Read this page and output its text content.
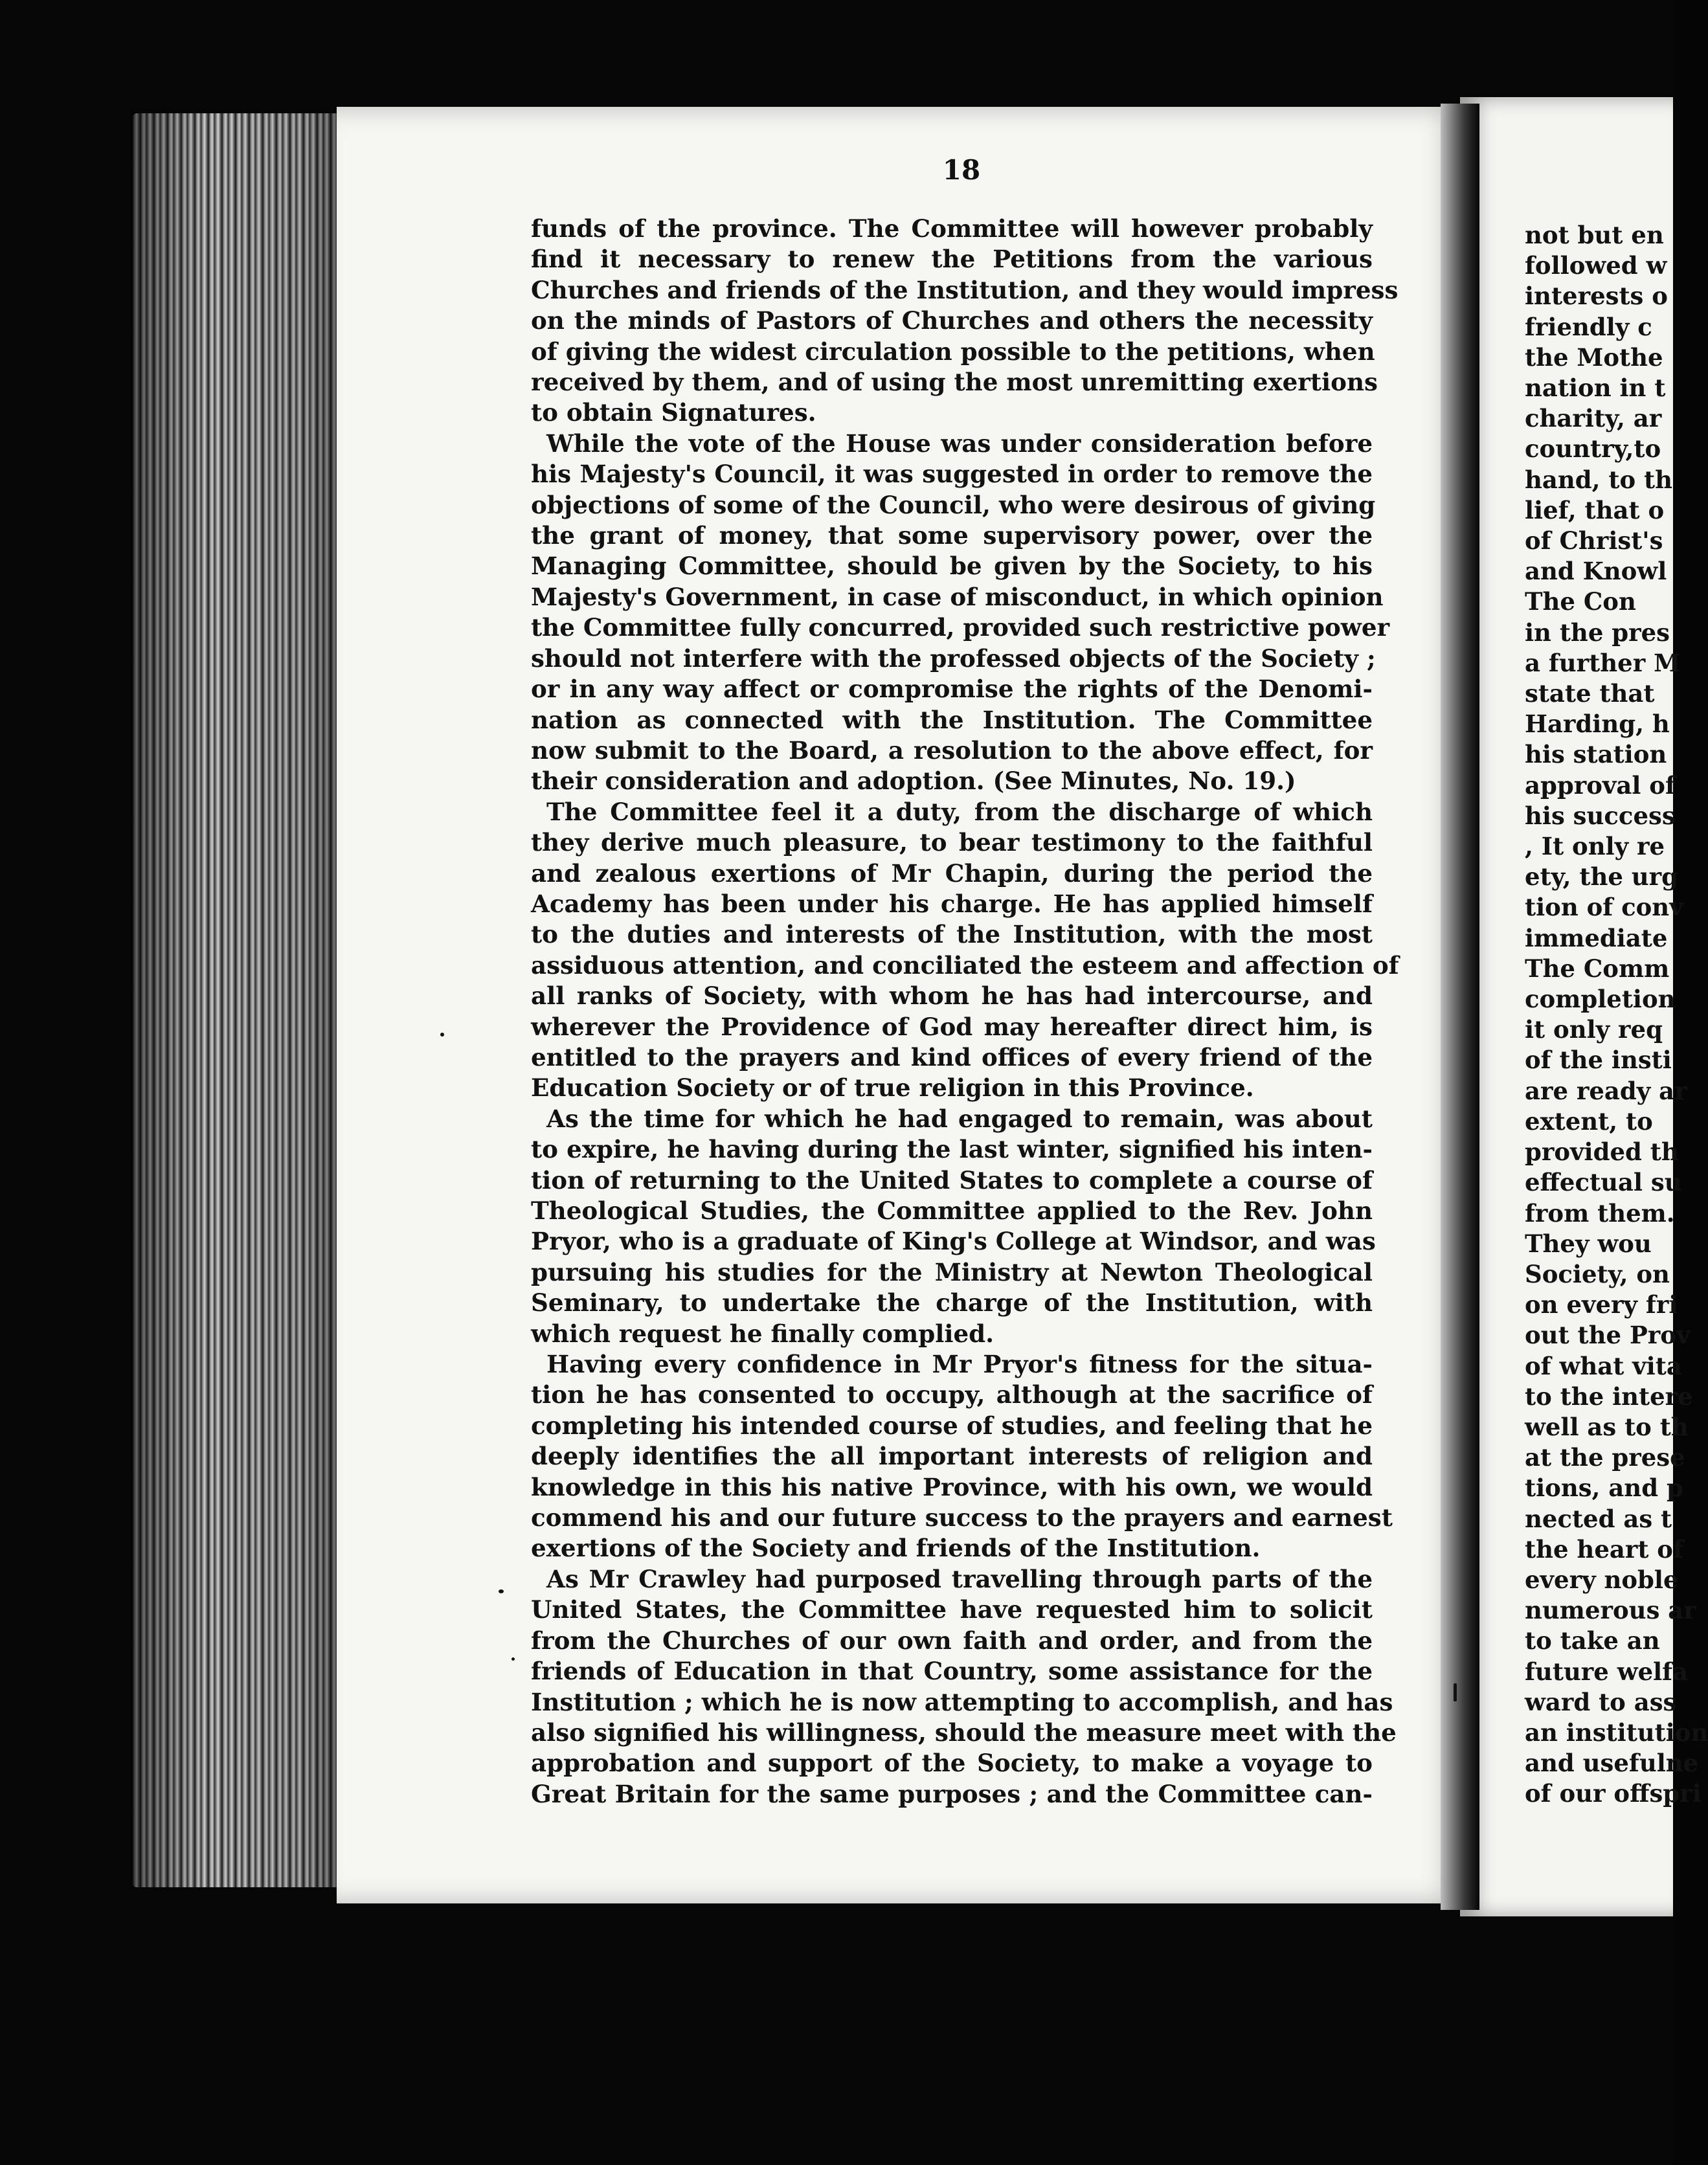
18
funds of the province. The Committee will however probably
find it necessary to renew the Petitions from the various
Churches and friends of the Institution, and they would impress
on the minds of Pastors of Churches and others the necessity
of giving the widest circulation possible to the petitions, when
received by them, and of using the most unremitting exertions
to obtain Signatures.
While the vote of the House was under consideration before
his Majesty's Council, it was suggested in order to remove the
objections of some of the Council, who were desirous of giving
the grant of money, that some supervisory power, over the
Managing Committee, should be given by the Society, to his
Majesty's Government, in case of misconduct, in which opinion
the Committee fully concurred, provided such restrictive power
should not interfere with the professed objects of the Society ;
or in any way affect or compromise the rights of the Denomi-
nation as connected with the Institution. The Committee
now submit to the Board, a resolution to the above effect, for
their consideration and adoption. (See Minutes, No. 19.)
The Committee feel it a duty, from the discharge of which
they derive much pleasure, to bear testimony to the faithful
and zealous exertions of Mr Chapin, during the period the
Academy has been under his charge. He has applied himself
to the duties and interests of the Institution, with the most
assiduous attention, and conciliated the esteem and affection of
all ranks of Society, with whom he has had intercourse, and
wherever the Providence of God may hereafter direct him, is
entitled to the prayers and kind offices of every friend of the
Education Society or of true religion in this Province.
As the time for which he had engaged to remain, was about
to expire, he having during the last winter, signified his inten-
tion of returning to the United States to complete a course of
Theological Studies, the Committee applied to the Rev. John
Pryor, who is a graduate of King's College at Windsor, and was
pursuing his studies for the Ministry at Newton Theological
Seminary, to undertake the charge of the Institution, with
which request he finally complied.
Having every confidence in Mr Pryor's fitness for the situa-
tion he has consented to occupy, although at the sacrifice of
completing his intended course of studies, and feeling that he
deeply identifies the all important interests of religion and
knowledge in this his native Province, with his own, we would
commend his and our future success to the prayers and earnest
exertions of the Society and friends of the Institution.
As Mr Crawley had purposed travelling through parts of the
United States, the Committee have requested him to solicit
from the Churches of our own faith and order, and from the
friends of Education in that Country, some assistance for the
Institution ; which he is now attempting to accomplish, and has
also signified his willingness, should the measure meet with the
approbation and support of the Society, to make a voyage to
Great Britain for the same purposes ; and the Committee can-
not but en
followed w
interests o
friendly c
the Mothe
nation in t
charity, ar
country,to
hand, to th
lief, that o
of Christ's
and Knowl
The Con
in the pres
a further M
state that
Harding, h
his station
approval of
his success
, It only re
ety, the urg
tion of conv
immediate
The Comm
completion
it only req
of the insti
are ready ar
extent, to
provided th
effectual su
from them.
They wou
Society, on
on every fri
out the Prov
of what vita
to the intere
well as to th
at the prese
tions, and p
nected as t
the heart of
every noble
numerous ar
to take an
future welfa
ward to ass
an institution
and usefulne
of our offspri
